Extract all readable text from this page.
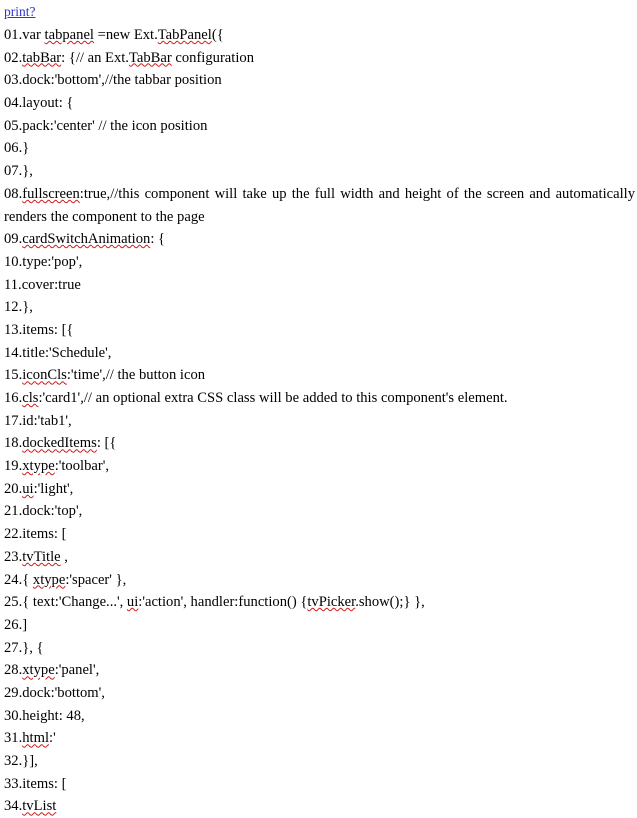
print?
01.var tabpanel =new Ext.TabPanel({
02.tabBar: {// an Ext.TabBar configuration
03.dock:'bottom',//the tabbar position
04.layout: {
05.pack:'center' // the icon position
06.}
07.},
08.fullscreen:true,//this component will take up the full width and height of the screen and automatically renders the component to the page
09.cardSwitchAnimation: {
10.type:'pop',
11.cover:true
12.},
13.items: [{
14.title:'Schedule',
15.iconCls:'time',// the button icon
16.cls:'card1',// an optional extra CSS class will be added to this component's element.
17.id:'tab1',
18.dockedItems: [{
19.xtype:'toolbar',
20.ui:'light',
21.dock:'top',
22.items: [
23.tvTitle ,
24.{ xtype:'spacer' },
25.{ text:'Change...', ui:'action', handler:function() {tvPicker.show();} },
26.]
27.}, {
28.xtype:'panel',
29.dock:'bottom',
30.height: 48,
31.html:'
32.}],
33.items: [
34.tvList
